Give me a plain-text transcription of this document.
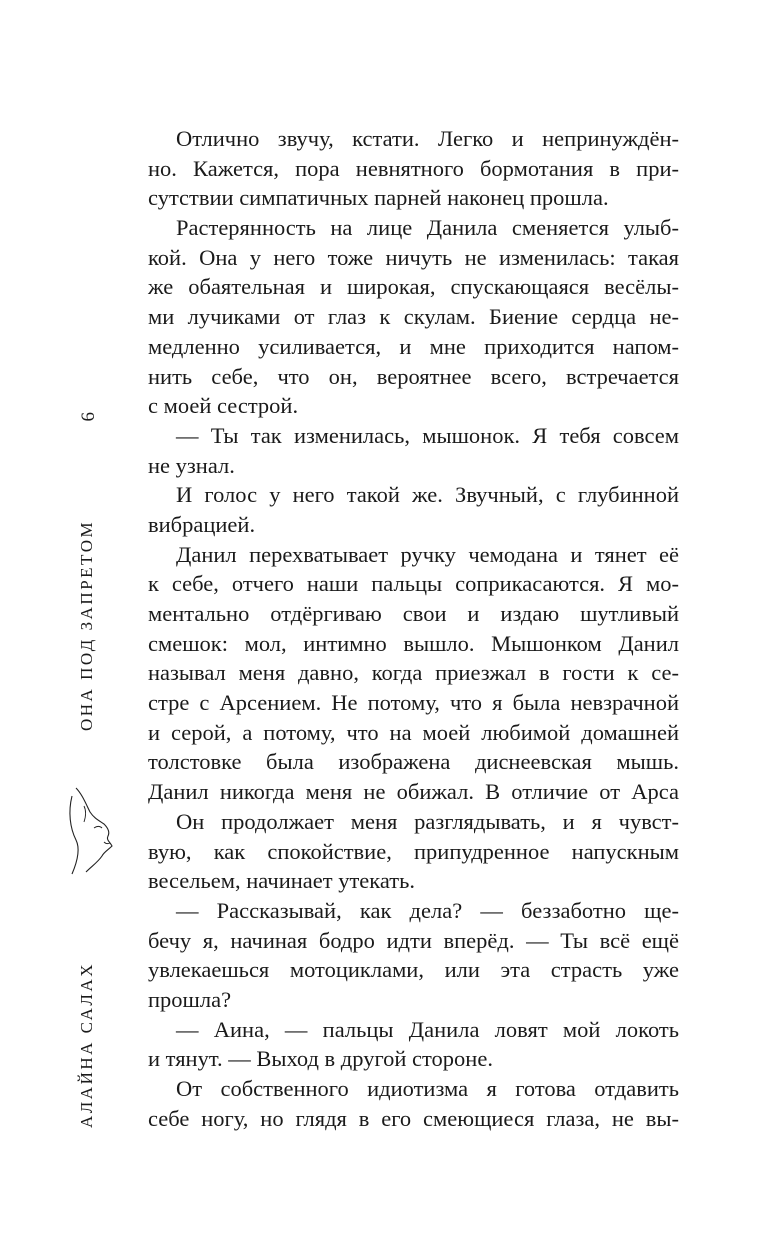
Отлично звучу, кстати. Легко и непринуждён-
но. Кажется, пора невнятного бормотания в при-
сутствии симпатичных парней наконец прошла.
Растерянность на лице Данила сменяется улыб-
кой. Она у него тоже ничуть не изменилась: такая
же обаятельная и широкая, спускающаяся весёлы-
ми лучиками от глаз к скулам. Биение сердца не-
медленно усиливается, и мне приходится напом-
нить себе, что он, вероятнее всего, встречается
с моей сестрой.
— Ты так изменилась, мышонок. Я тебя совсем
не узнал.
И голос у него такой же. Звучный, с глубинной
вибрацией.
Данил перехватывает ручку чемодана и тянет её
к себе, отчего наши пальцы соприкасаются. Я мо-
ментально отдёргиваю свои и издаю шутливый
смешок: мол, интимно вышло. Мышонком Данил
называл меня давно, когда приезжал в гости к се-
стре с Арсением. Не потому, что я была невзрачной
и серой, а потому, что на моей любимой домашней
толстовке была изображена диснеевская мышь.
Данил никогда меня не обижал. В отличие от Арса
Он продолжает меня разглядывать, и я чувст-
вую, как спокойствие, припудренное напускным
весельем, начинает утекать.
— Рассказывай, как дела? — беззаботно ще-
бечу я, начиная бодро идти вперёд. — Ты всё ещё
увлекаешься мотоциклами, или эта страсть уже
прошла?
— Аина, — пальцы Данила ловят мой локоть
и тянут. — Выход в другой стороне.
От собственного идиотизма я готова отдавить
себе ногу, но глядя в его смеющиеся глаза, не вы-
6
ОНА ПОД ЗАПРЕТОМ
АЛАЙНА САЛАХ
